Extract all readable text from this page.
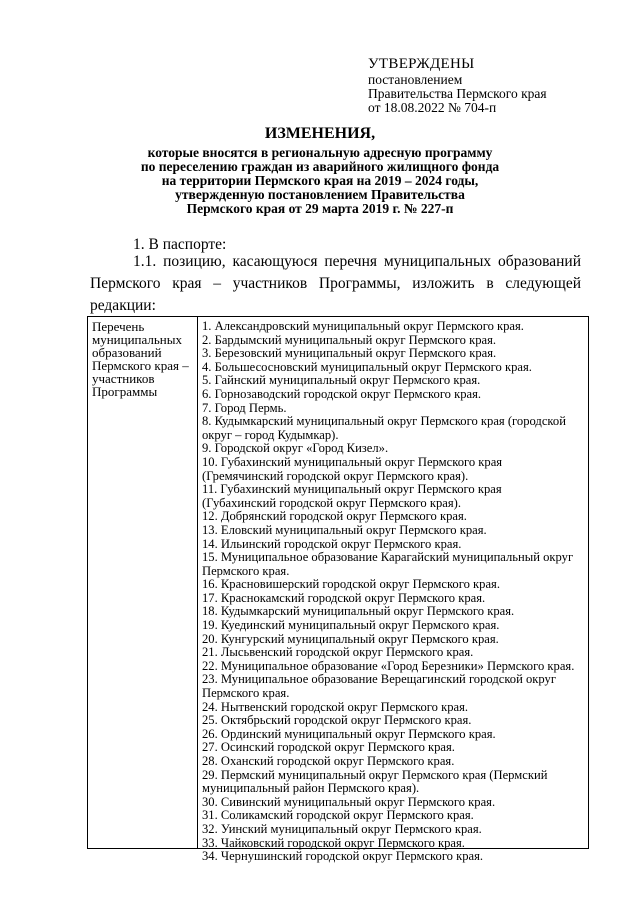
УТВЕРЖДЕНЫ
постановлением
Правительства Пермского края
от 18.08.2022 № 704-п
ИЗМЕНЕНИЯ,
которые вносятся в региональную адресную программу
по переселению граждан из аварийного жилищного фонда
на территории Пермского края на 2019 – 2024 годы,
утвержденную постановлением Правительства
Пермского края от 29 марта 2019 г. № 227-п
1. В паспорте:
1.1. позицию, касающуюся перечня муниципальных образований
Пермского края – участников Программы, изложить в следующей
редакции:
Перечень
муниципальных
образований
Пермского края –
участников
Программы
1. Александровский муниципальный округ Пермского края.
2. Бардымский муниципальный округ Пермского края.
3. Березовский муниципальный округ Пермского края.
4. Большесосновский муниципальный округ Пермского края.
5. Гайнский муниципальный округ Пермского края.
6. Горнозаводский городской округ Пермского края.
7. Город Пермь.
8. Кудымкарский муниципальный округ Пермского края (городской
округ – город Кудымкар).
9. Городской округ «Город Кизел».
10. Губахинский муниципальный округ Пермского края
(Гремячинский городской округ Пермского края).
11. Губахинский муниципальный округ Пермского края
(Губахинский городской округ Пермского края).
12. Добрянский городской округ Пермского края.
13. Еловский муниципальный округ Пермского края.
14. Ильинский городской округ Пермского края.
15. Муниципальное образование Карагайский муниципальный округ
Пермского края.
16. Красновишерский городской округ Пермского края.
17. Краснокамский городской округ Пермского края.
18. Кудымкарский муниципальный округ Пермского края.
19. Куединский муниципальный округ Пермского края.
20. Кунгурский муниципальный округ Пермского края.
21. Лысьвенский городской округ Пермского края.
22. Муниципальное образование «Город Березники» Пермского края.
23. Муниципальное образование Верещагинский городской округ
Пермского края.
24. Нытвенский городской округ Пермского края.
25. Октябрьский городской округ Пермского края.
26. Ординский муниципальный округ Пермского края.
27. Осинский городской округ Пермского края.
28. Оханский городской округ Пермского края.
29. Пермский муниципальный округ Пермского края (Пермский
муниципальный район Пермского края).
30. Сивинский муниципальный округ Пермского края.
31. Соликамский городской округ Пермского края.
32. Уинский муниципальный округ Пермского края.
33. Чайковский городской округ Пермского края.
34. Чернушинский городской округ Пермского края.
